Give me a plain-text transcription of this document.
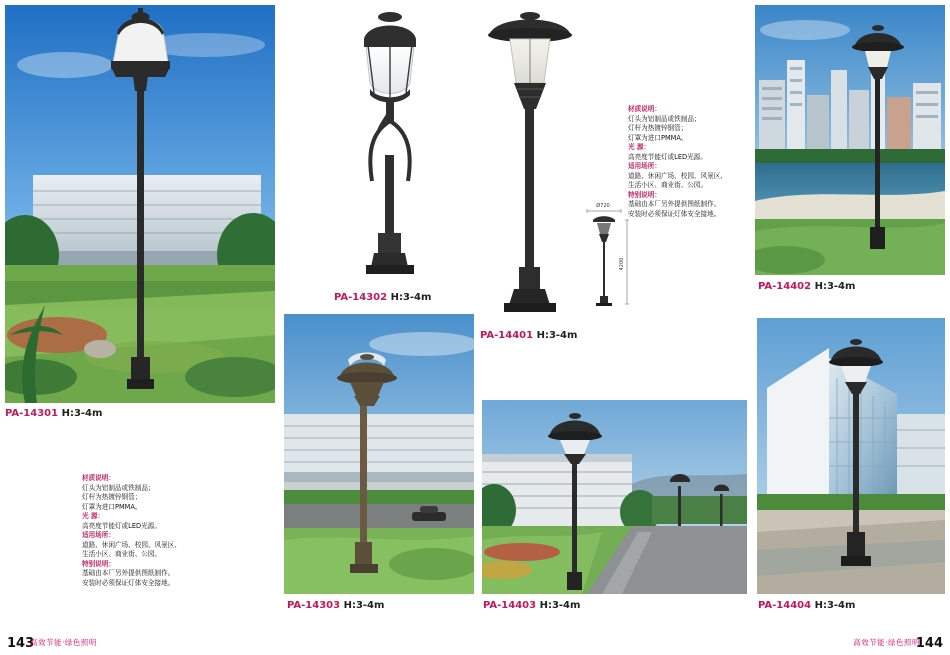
PA-14301 H:3-4m
PA-14302 H:3-4m
PA-14401 H:3-4m
Ø720
4200
材质说明：
灯头为铝制品或铁制品；
灯杆为热镀锌钢管；
灯罩为进口PMMA。
光 源：
高亮度节能灯或LED光源。
适用场所：
道路、休闲广场、校园、风景区、
生活小区、商业街、公园。
特别说明：
基础由本厂另外提供图纸制作。
安装时必须保证灯体安全接地。
PA-14402 H:3-4m
材质说明：
灯头为铝制品或铁制品；
灯杆为热镀锌钢管；
灯罩为进口PMMA。
光 源：
高亮度节能灯或LED光源。
适用场所：
道路、休闲广场、校园、风景区、
生活小区、商业街、公园。
特别说明：
基础由本厂另外提供图纸制作。
安装时必须保证灯体安全接地。
PA-14303 H:3-4m	PA-14403 H:3-4m	PA-14404 H:3-4m
143
高效节能·绿色照明	144
高效节能·绿色照明
